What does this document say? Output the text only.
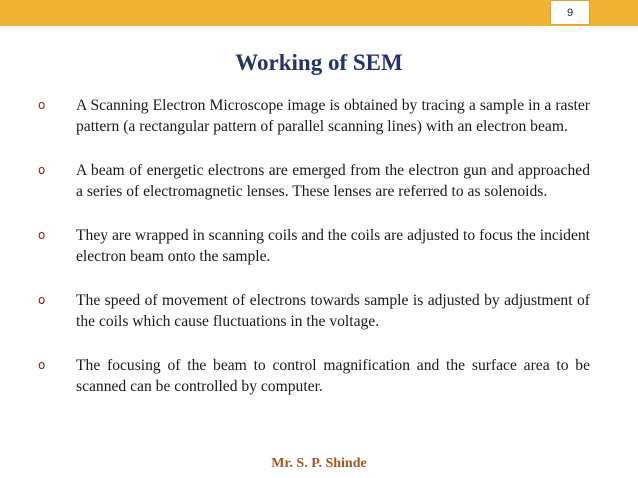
9
Working of SEM
o A Scanning Electron Microscope image is obtained by tracing a sample in a raster pattern (a rectangular pattern of parallel scanning lines) with an electron beam.
o A beam of energetic electrons are emerged from the electron gun and approached a series of electromagnetic lenses. These lenses are referred to as solenoids.
o They are wrapped in scanning coils and the coils are adjusted to focus the incident electron beam onto the sample.
o The speed of movement of electrons towards sample is adjusted by adjustment of the coils which cause fluctuations in the voltage.
o The focusing of the beam to control magnification and the surface area to be scanned can be controlled by computer.
Mr. S. P. Shinde
